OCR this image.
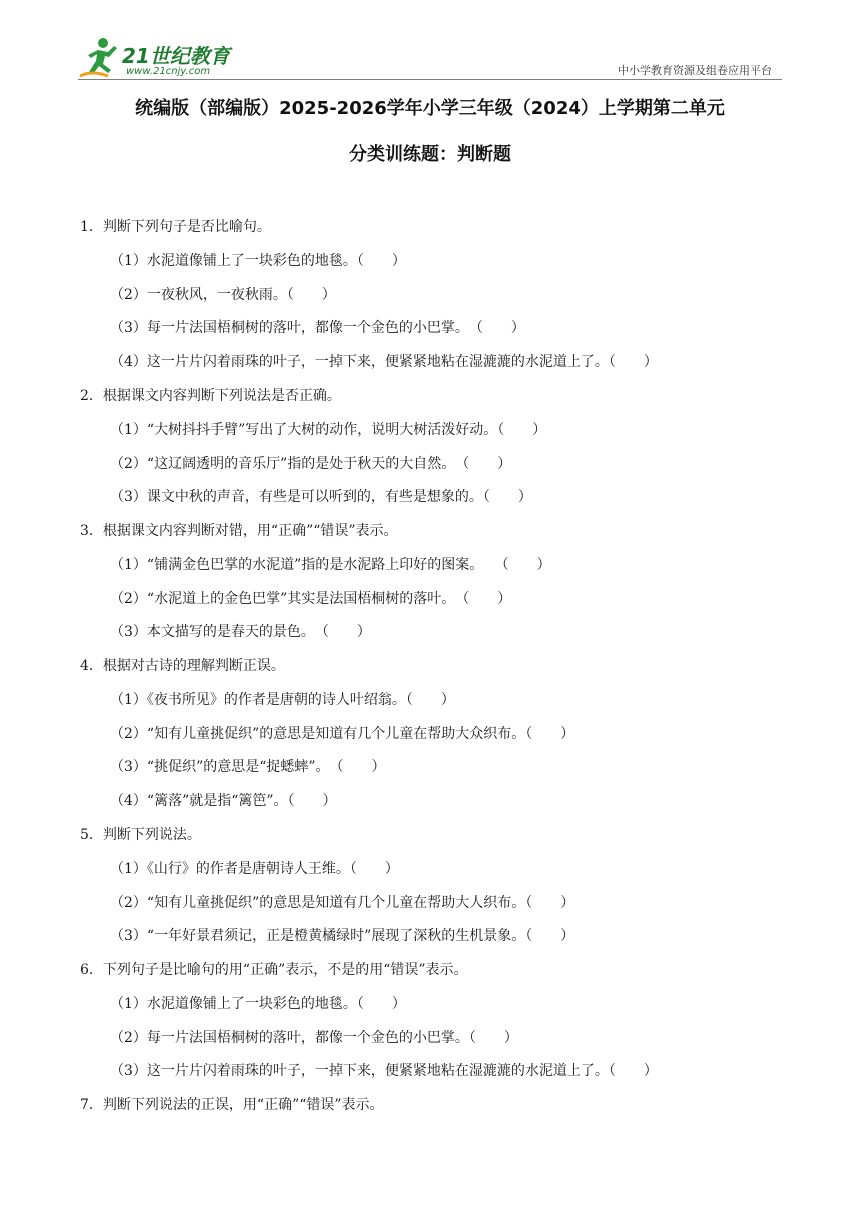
21世纪教育
www.21cnjy.com	中小学教育资源及组卷应用平台
统编版（部编版）2025-2026学年小学三年级（2024）上学期第二单元
分类训练题：判断题
1．判断下列句子是否比喻句。
（1）水泥道像铺上了一块彩色的地毯。（　　）
（2）一夜秋风，一夜秋雨。（　　）
（3）每一片法国梧桐树的落叶，都像一个金色的小巴掌。　（　　）
（4）这一片片闪着雨珠的叶子，一掉下来，便紧紧地粘在湿漉漉的水泥道上了。（　　）
2．根据课文内容判断下列说法是否正确。
（1）“大树抖抖手臂”写出了大树的动作，说明大树活泼好动。（　　）
（2）“这辽阔透明的音乐厅”指的是处于秋天的大自然。　（　　）
（3）课文中秋的声音，有些是可以听到的，有些是想象的。（　　）
3．根据课文内容判断对错，用“正确”“错误”表示。
（1）“铺满金色巴掌的水泥道”指的是水泥路上印好的图案。　 （　　）
（2）“水泥道上的金色巴掌”其实是法国梧桐树的落叶。　（　　）
（3）本文描写的是春天的景色。　（　　）
4．根据对古诗的理解判断正误。
（1）《夜书所见》的作者是唐朝的诗人叶绍翁。（　　）
（2）“知有儿童挑促织”的意思是知道有几个儿童在帮助大众织布。（　　）
（3）“挑促织”的意思是“捉蟋蟀”。　（　　）
（4）“篱落”就是指“篱笆”。（　　）
5．判断下列说法。
（1）《山行》的作者是唐朝诗人王维。（　　）
（2）“知有儿童挑促织”的意思是知道有几个儿童在帮助大人织布。（　　）
（3）“一年好景君须记，正是橙黄橘绿时”展现了深秋的生机景象。（　　）
6．下列句子是比喻句的用“正确”表示，不是的用“错误”表示。
（1）水泥道像铺上了一块彩色的地毯。（　　）
（2）每一片法国梧桐树的落叶，都像一个金色的小巴掌。（　　）
（3）这一片片闪着雨珠的叶子，一掉下来，便紧紧地粘在湿漉漉的水泥道上了。（　　）
7．判断下列说法的正误，用“正确”“错误”表示。
